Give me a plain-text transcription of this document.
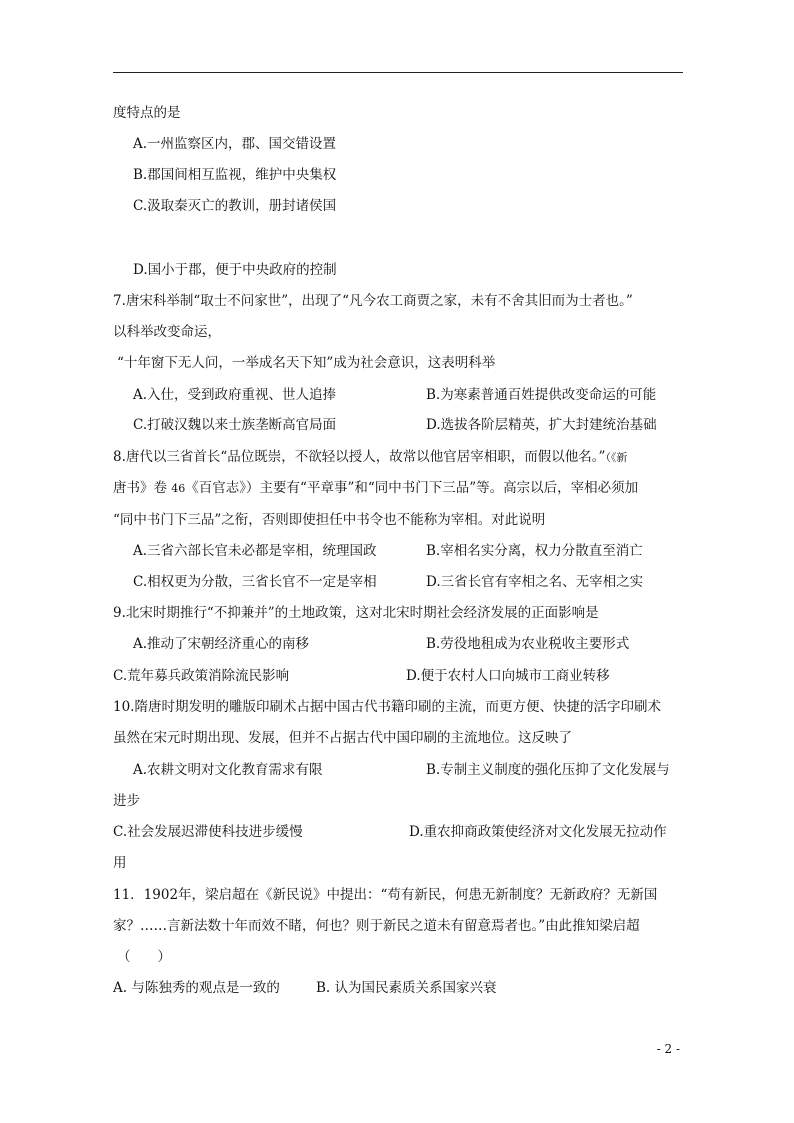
度特点的是
A.一州监察区内，郡、国交错设置
B.郡国间相互监视，维护中央集权
C.汲取秦灭亡的教训，册封诸侯国
D.国小于郡，便于中央政府的控制
7.唐宋科举制“取士不问家世”，出现了“凡今农工商贾之家，未有不舍其旧而为士者也。”
以科举改变命运，
“十年窗下无人问，一举成名天下知”成为社会意识，这表明科举
A.入仕，受到政府重视、世人追捧	B.为寒素普通百姓提供改变命运的可能
C.打破汉魏以来士族垄断高官局面	D.选拔各阶层精英，扩大封建统治基础
8.唐代以三省首长“品位既崇，不欲轻以授人，故常以他官居宰相职，而假以他名。”（《新
唐书》卷 46《百官志》）主要有“平章事”和“同中书门下三品”等。高宗以后，宰相必须加
“同中书门下三品”之衔，否则即使担任中书令也不能称为宰相。对此说明
A.三省六部长官未必都是宰相，统理国政	B.宰相名实分离，权力分散直至消亡
C.相权更为分散，三省长官不一定是宰相	D.三省长官有宰相之名、无宰相之实
9.北宋时期推行“不抑兼并”的土地政策，这对北宋时期社会经济发展的正面影响是
A.推动了宋朝经济重心的南移	B.劳役地租成为农业税收主要形式
C.荒年募兵政策消除流民影响	D.便于农村人口向城市工商业转移
10.隋唐时期发明的雕版印刷术占据中国古代书籍印刷的主流，而更方便、快捷的活字印刷术
虽然在宋元时期出现、发展，但并不占据古代中国印刷的主流地位。这反映了
A.农耕文明对文化教育需求有限	B.专制主义制度的强化压抑了文化发展与
进步
C.社会发展迟滞使科技进步缓慢	D.重农抑商政策使经济对文化发展无拉动作
用
11．1902年，梁启超在《新民说》中提出：“苟有新民，何患无新制度？无新政府？无新国
家？……言新法数十年而效不睹，何也？则于新民之道未有留意焉者也。”由此推知梁启超
（　　）
A. 与陈独秀的观点是一致的	B. 认为国民素质关系国家兴衰
- 2 -
